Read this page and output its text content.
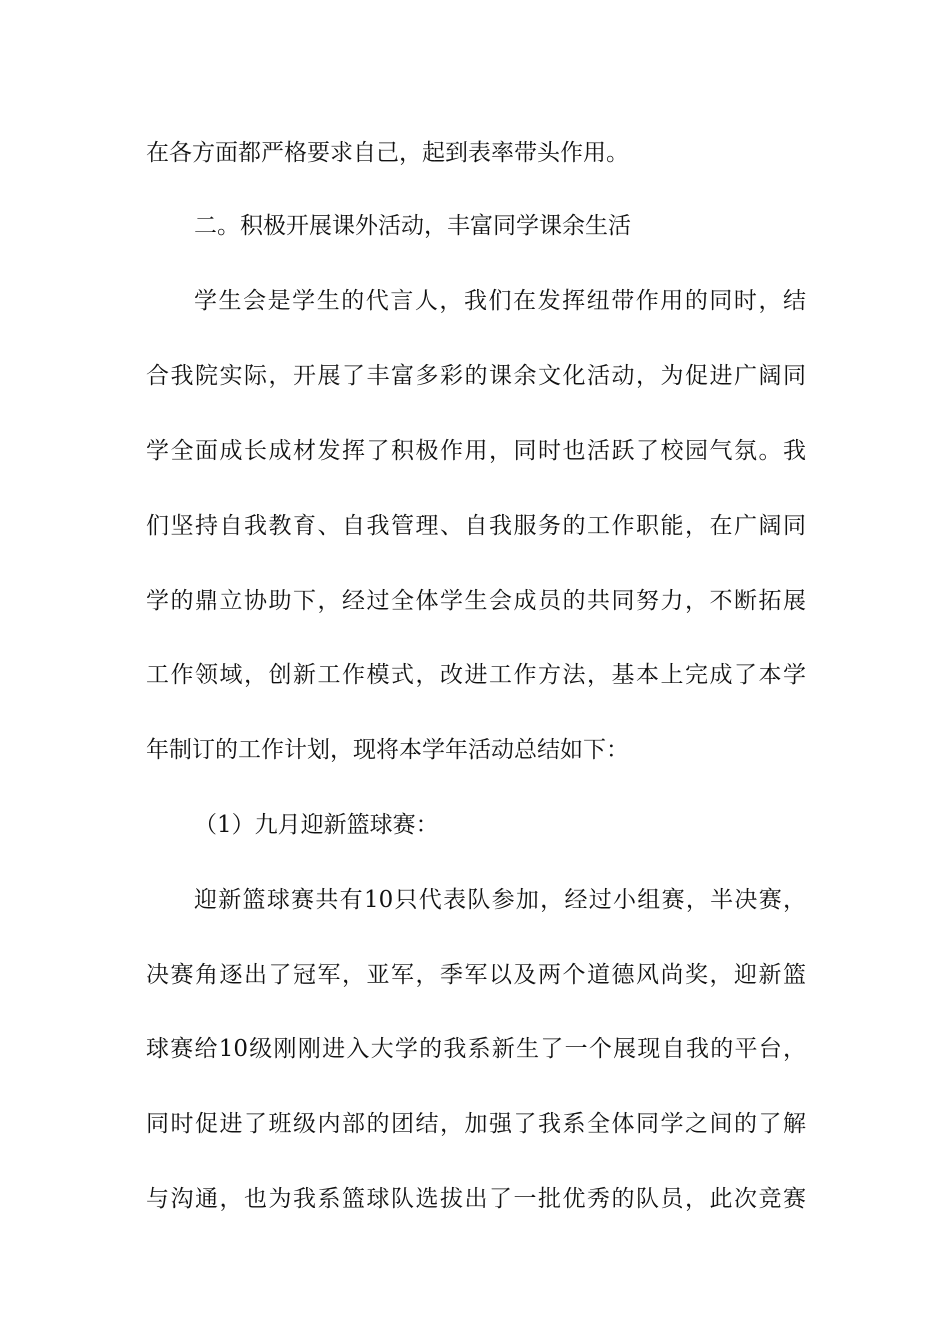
在各方面都严格要求自己，起到表率带头作用。
二。积极开展课外活动，丰富同学课余生活
学生会是学生的代言人，我们在发挥纽带作用的同时，结
合我院实际，开展了丰富多彩的课余文化活动，为促进广阔同
学全面成长成材发挥了积极作用，同时也活跃了校园气氛。我
们坚持自我教育、自我管理、自我服务的工作职能，在广阔同
学的鼎立协助下，经过全体学生会成员的共同努力，不断拓展
工作领域，创新工作模式，改进工作方法，基本上完成了本学
年制订的工作计划，现将本学年活动总结如下：
（1）九月迎新篮球赛：
迎新篮球赛共有10只代表队参加，经过小组赛，半决赛，
决赛角逐出了冠军，亚军，季军以及两个道德风尚奖，迎新篮
球赛给10级刚刚进入大学的我系新生了一个展现自我的平台，
同时促进了班级内部的团结，加强了我系全体同学之间的了解
与沟通，也为我系篮球队选拔出了一批优秀的队员，此次竞赛
